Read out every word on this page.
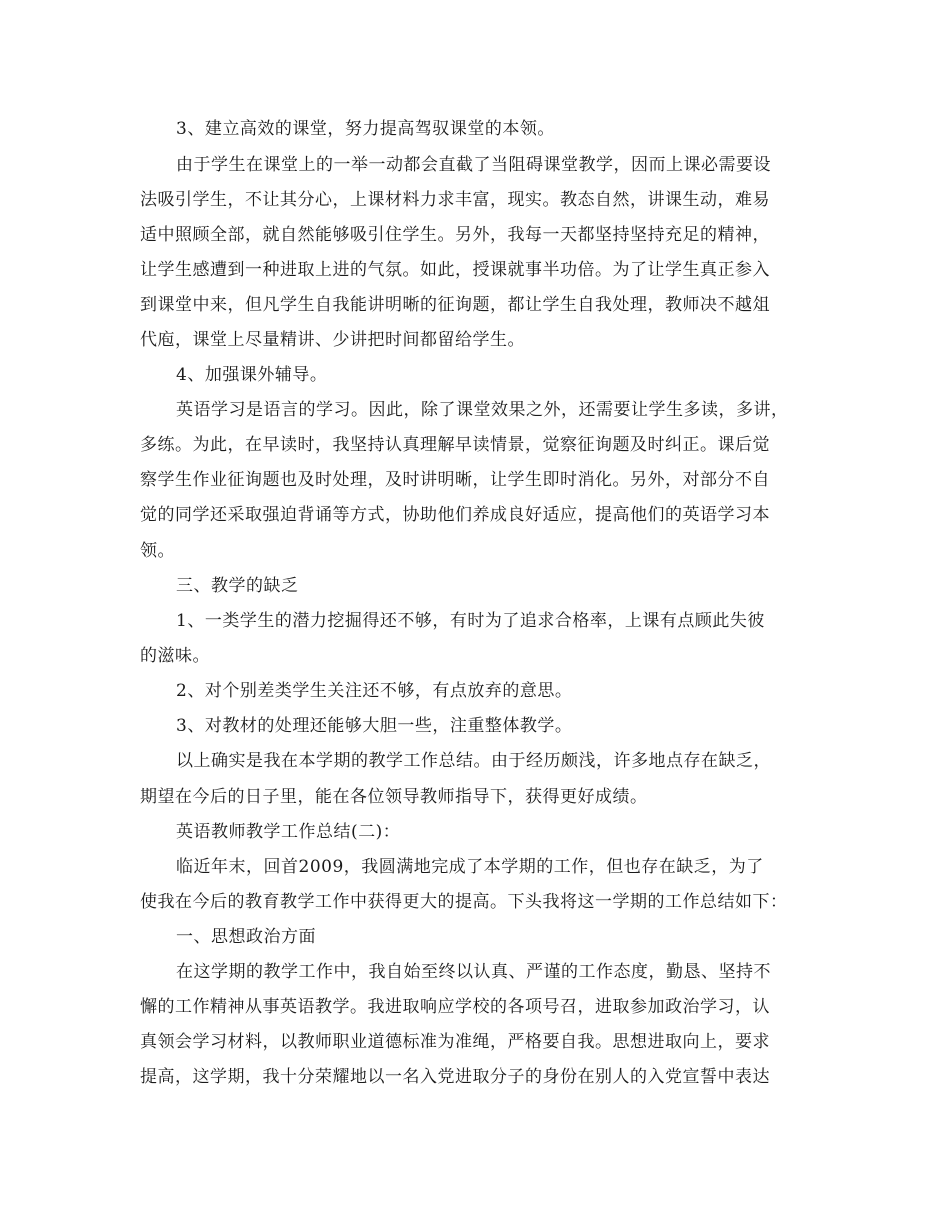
3、建立高效的课堂，努力提高驾驭课堂的本领。
由于学生在课堂上的一举一动都会直截了当阻碍课堂教学，因而上课必需要设
法吸引学生，不让其分心，上课材料力求丰富，现实。教态自然，讲课生动，难易
适中照顾全部，就自然能够吸引住学生。另外，我每一天都坚持坚持充足的精神，
让学生感遭到一种进取上进的气氛。如此，授课就事半功倍。为了让学生真正参入
到课堂中来，但凡学生自我能讲明晰的征询题，都让学生自我处理，教师决不越俎
代庖，课堂上尽量精讲、少讲把时间都留给学生。
4、加强课外辅导。
英语学习是语言的学习。因此，除了课堂效果之外，还需要让学生多读，多讲，
多练。为此，在早读时，我坚持认真理解早读情景，觉察征询题及时纠正。课后觉
察学生作业征询题也及时处理，及时讲明晰，让学生即时消化。另外，对部分不自
觉的同学还采取强迫背诵等方式，协助他们养成良好适应，提高他们的英语学习本
领。
三、教学的缺乏
1、一类学生的潜力挖掘得还不够，有时为了追求合格率，上课有点顾此失彼
的滋味。
2、对个别差类学生关注还不够，有点放弃的意思。
3、对教材的处理还能够大胆一些，注重整体教学。
以上确实是我在本学期的教学工作总结。由于经历颇浅，许多地点存在缺乏，
期望在今后的日子里，能在各位领导教师指导下，获得更好成绩。
英语教师教学工作总结(二)：
临近年末，回首2009，我圆满地完成了本学期的工作，但也存在缺乏，为了
使我在今后的教育教学工作中获得更大的提高。下头我将这一学期的工作总结如下：
一、思想政治方面
在这学期的教学工作中，我自始至终以认真、严谨的工作态度，勤恳、坚持不
懈的工作精神从事英语教学。我进取响应学校的各项号召，进取参加政治学习，认
真领会学习材料，以教师职业道德标准为准绳，严格要自我。思想进取向上，要求
提高，这学期，我十分荣耀地以一名入党进取分子的身份在别人的入党宣誓中表达
